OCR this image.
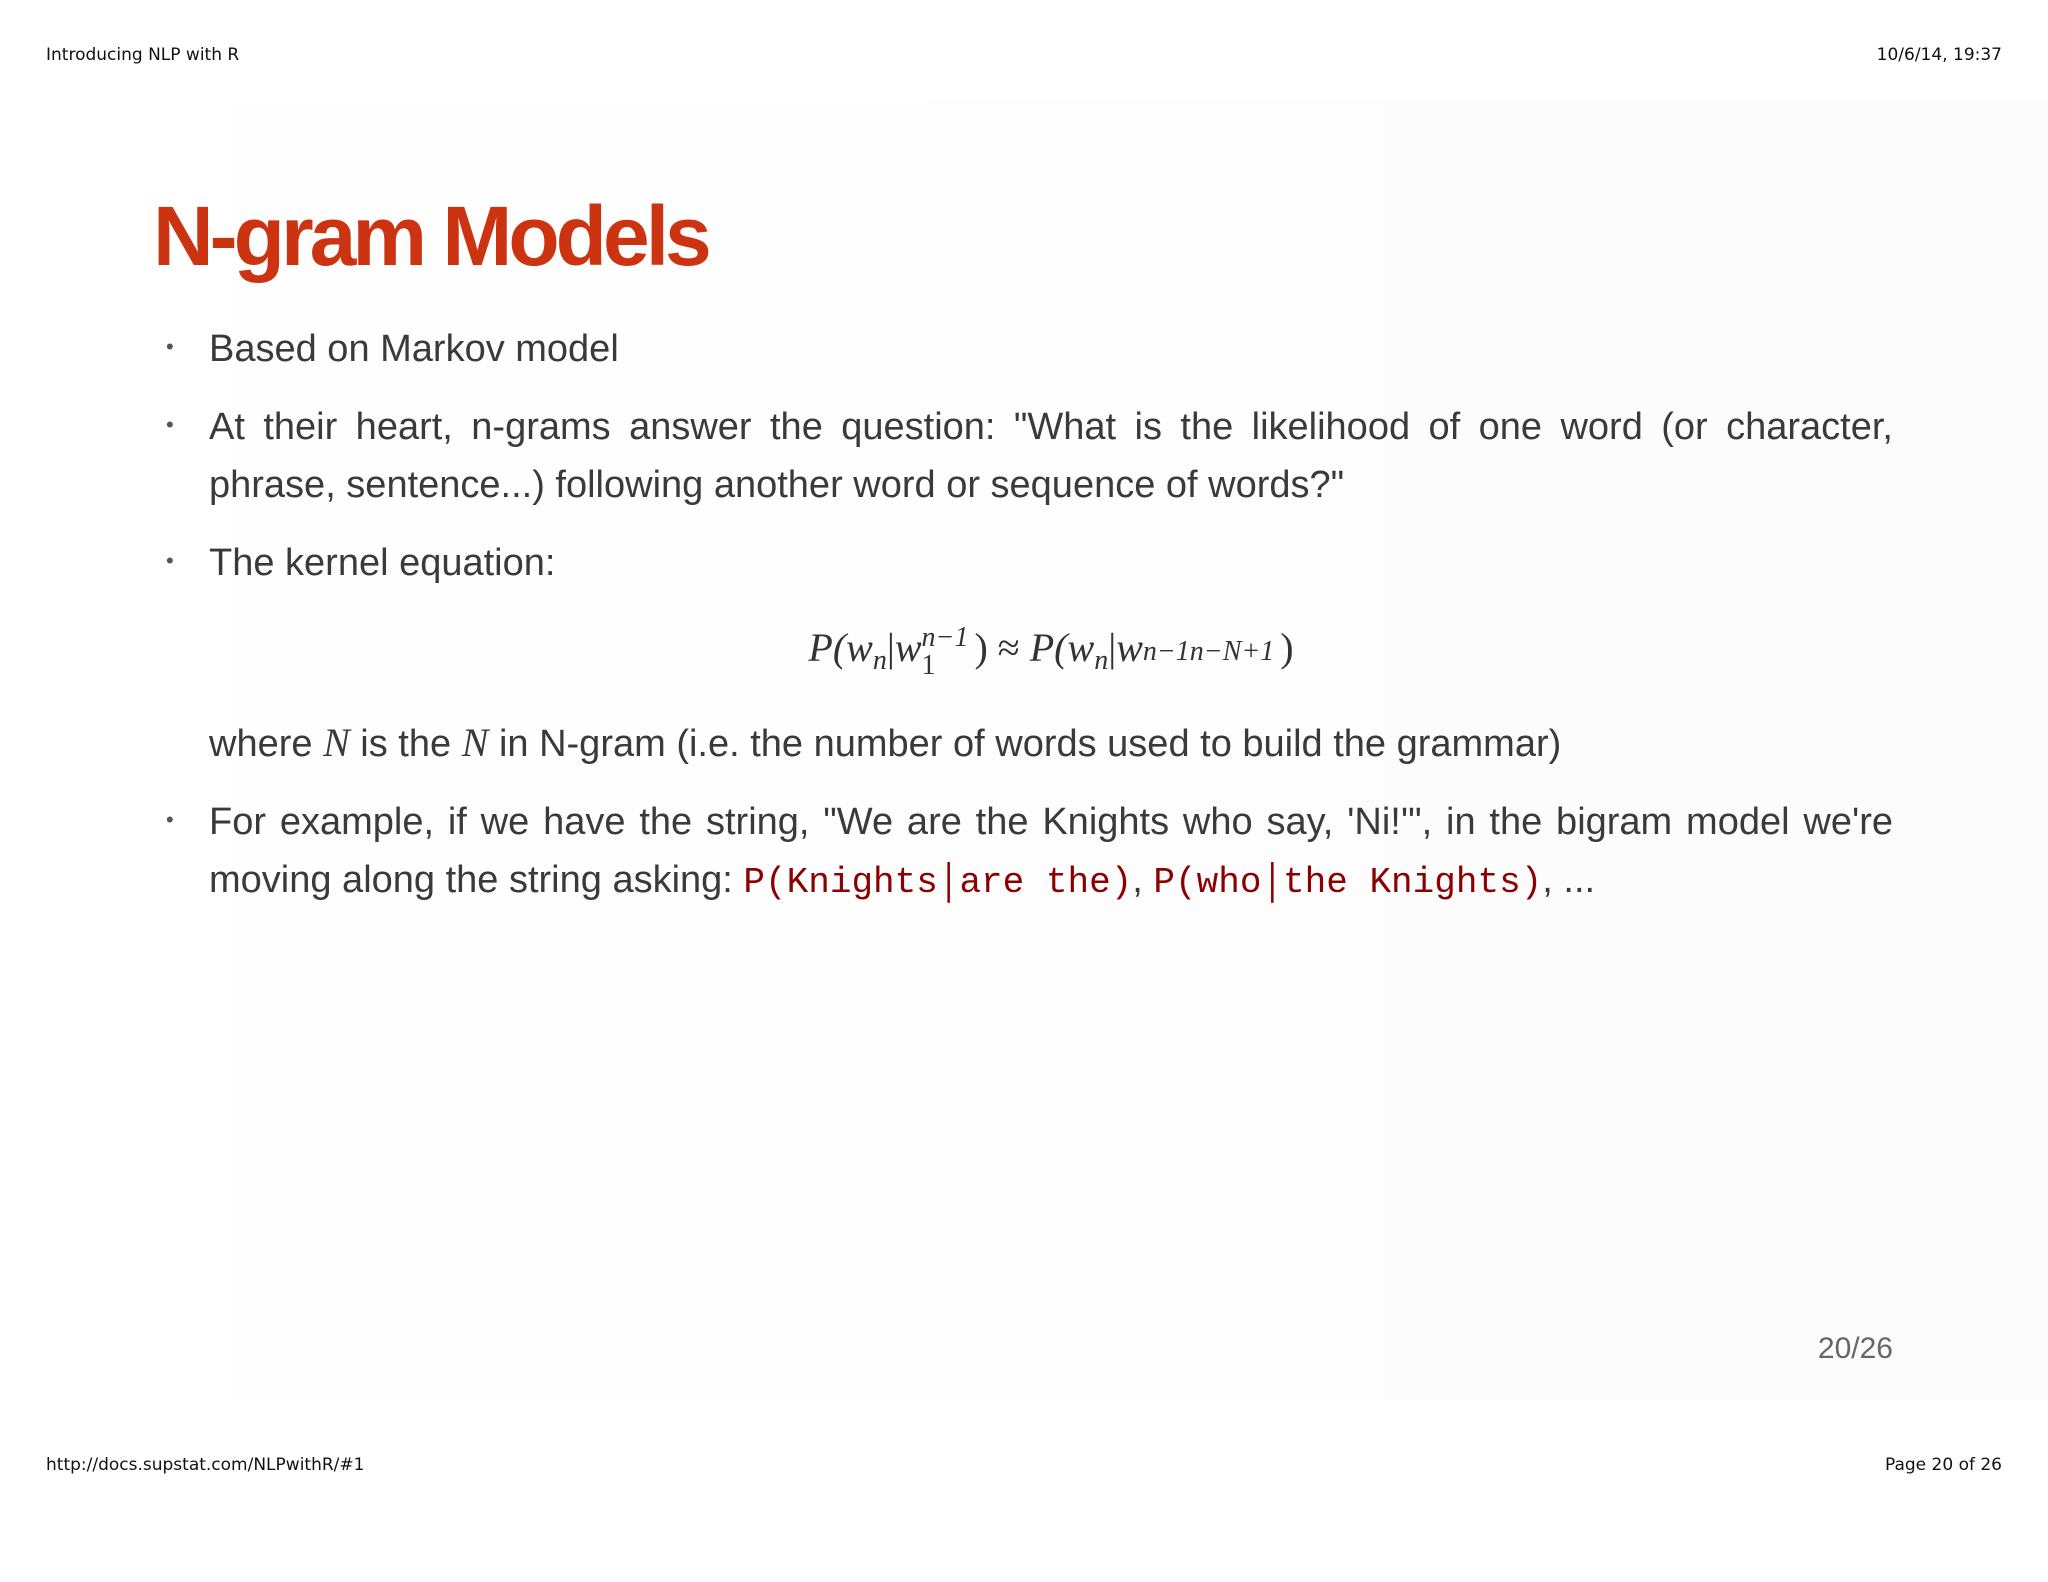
Introducing NLP with R	10/6/14, 19:37
N-gram Models
• Based on Markov model
• At their heart, n-grams answer the question: "What is the likelihood of one word (or character, phrase, sentence...) following another word or sequence of words?"
• The kernel equation:
$P(w_n|wn-1$
1 ) ≈ $P(w_n|wn-1n-N+1$ )
where N is the N in N-gram (i.e. the number of words used to build the grammar)
• For example, if we have the string, "We are the Knights who say, 'Ni!'", in the bigram model we're moving along the string asking: P(Knights│are the), P(who│the Knights), ...
20/26
http://docs.supstat.com/NLPwithR/#1	Page 20 of 26
